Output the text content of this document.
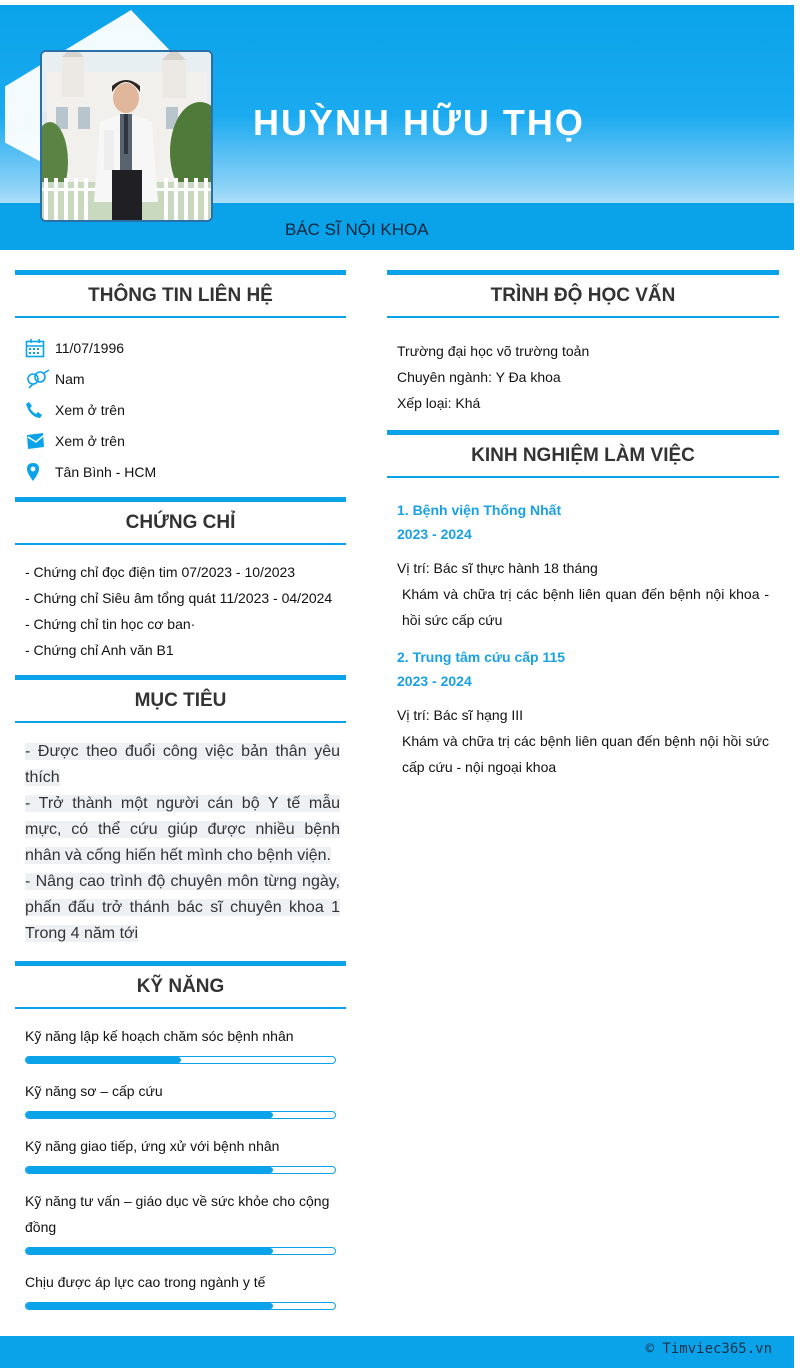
HUỲNH HỮU THỌ
BÁC SĨ NỘI KHOA
THÔNG TIN LIÊN HỆ
11/07/1996
Nam
Xem ở trên
Xem ở trên
Tân Bình - HCM
CHỨNG CHỈ
- Chứng chỉ đọc điện tim 07/2023 - 10/2023
- Chứng chỉ Siêu âm tổng quát 11/2023 - 04/2024
- Chứng chỉ tin học cơ ban·
- Chứng chỉ Anh văn B1
MỤC TIÊU
- Được theo đuổi công việc bản thân yêu thích
- Trở thành một người cán bộ Y tế mẫu mực, có thể cứu giúp được nhiều bệnh nhân và cống hiến hết mình cho bệnh viện.
- Nâng cao trình độ chuyên môn từng ngày, phấn đấu trở thánh bác sĩ chuyên khoa 1 Trong 4 năm tới
KỸ NĂNG
Kỹ năng lập kế hoạch chăm sóc bệnh nhân
Kỹ năng sơ – cấp cứu
Kỹ năng giao tiếp, ứng xử với bệnh nhân
Kỹ năng tư vấn – giáo dục về sức khỏe cho cộng đồng
Chịu được áp lực cao trong ngành y tế
TRÌNH ĐỘ HỌC VẤN
Trường đại học võ trường toản
Chuyên ngành: Y Đa khoa
Xếp loại: Khá
KINH NGHIỆM LÀM VIỆC
1. Bệnh viện Thống Nhất
2023 - 2024
Vị trí: Bác sĩ thực hành 18 tháng
Khám và chữa trị các bệnh liên quan đến bệnh nội khoa - hồi sức cấp cứu
2. Trung tâm cứu cấp 115
2023 - 2024
Vị trí: Bác sĩ hạng III
Khám và chữa trị các bệnh liên quan đến bệnh nội hồi sức cấp cứu - nội ngoại khoa
© Timviec365.vn
